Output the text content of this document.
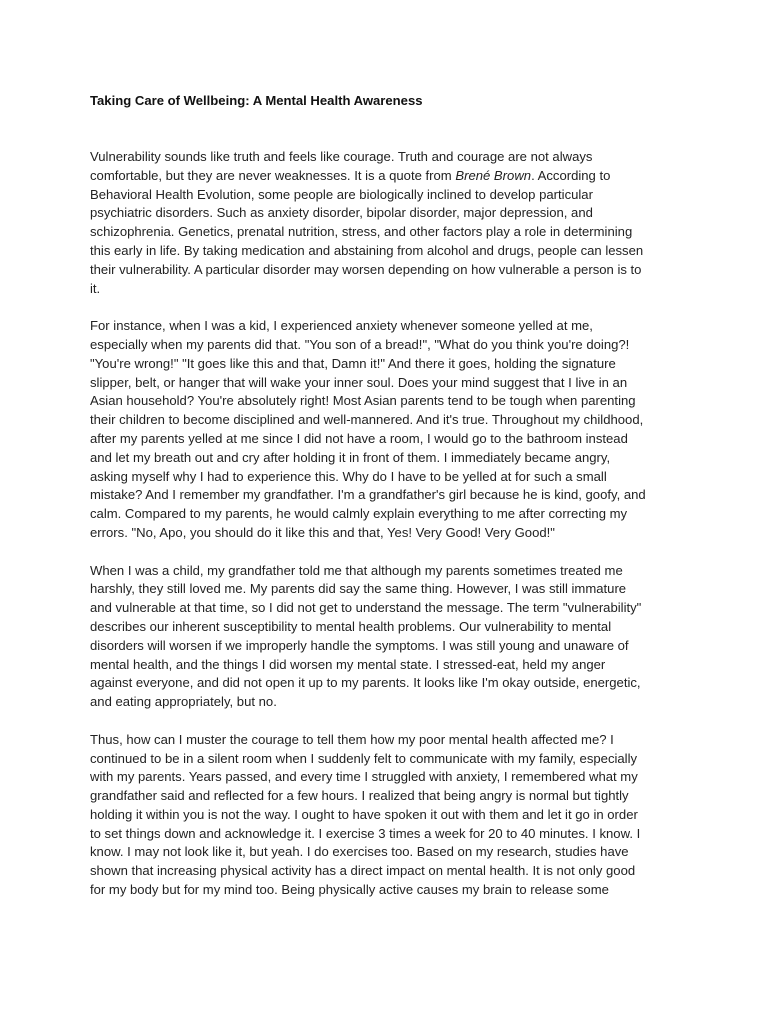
Taking Care of Wellbeing: A Mental Health Awareness

Vulnerability sounds like truth and feels like courage. Truth and courage are not always
comfortable, but they are never weaknesses. It is a quote from Brené Brown. According to
Behavioral Health Evolution, some people are biologically inclined to develop particular
psychiatric disorders. Such as anxiety disorder, bipolar disorder, major depression, and
schizophrenia. Genetics, prenatal nutrition, stress, and other factors play a role in determining
this early in life. By taking medication and abstaining from alcohol and drugs, people can lessen
their vulnerability. A particular disorder may worsen depending on how vulnerable a person is to
it.

For instance, when I was a kid, I experienced anxiety whenever someone yelled at me,
especially when my parents did that. "You son of a bread!", "What do you think you're doing?!
"You're wrong!" "It goes like this and that, Damn it!" And there it goes, holding the signature
slipper, belt, or hanger that will wake your inner soul. Does your mind suggest that I live in an
Asian household? You're absolutely right! Most Asian parents tend to be tough when parenting
their children to become disciplined and well-mannered. And it's true. Throughout my childhood,
after my parents yelled at me since I did not have a room, I would go to the bathroom instead
and let my breath out and cry after holding it in front of them. I immediately became angry,
asking myself why I had to experience this. Why do I have to be yelled at for such a small
mistake? And I remember my grandfather. I'm a grandfather's girl because he is kind, goofy, and
calm. Compared to my parents, he would calmly explain everything to me after correcting my
errors. "No, Apo, you should do it like this and that, Yes! Very Good! Very Good!"

When I was a child, my grandfather told me that although my parents sometimes treated me
harshly, they still loved me. My parents did say the same thing. However, I was still immature
and vulnerable at that time, so I did not get to understand the message. The term "vulnerability"
describes our inherent susceptibility to mental health problems. Our vulnerability to mental
disorders will worsen if we improperly handle the symptoms. I was still young and unaware of
mental health, and the things I did worsen my mental state. I stressed-eat, held my anger
against everyone, and did not open it up to my parents. It looks like I'm okay outside, energetic,
and eating appropriately, but no.

Thus, how can I muster the courage to tell them how my poor mental health affected me? I
continued to be in a silent room when I suddenly felt to communicate with my family, especially
with my parents. Years passed, and every time I struggled with anxiety, I remembered what my
grandfather said and reflected for a few hours. I realized that being angry is normal but tightly
holding it within you is not the way. I ought to have spoken it out with them and let it go in order
to set things down and acknowledge it. I exercise 3 times a week for 20 to 40 minutes. I know. I
know. I may not look like it, but yeah. I do exercises too. Based on my research, studies have
shown that increasing physical activity has a direct impact on mental health. It is not only good
for my body but for my mind too. Being physically active causes my brain to release some
